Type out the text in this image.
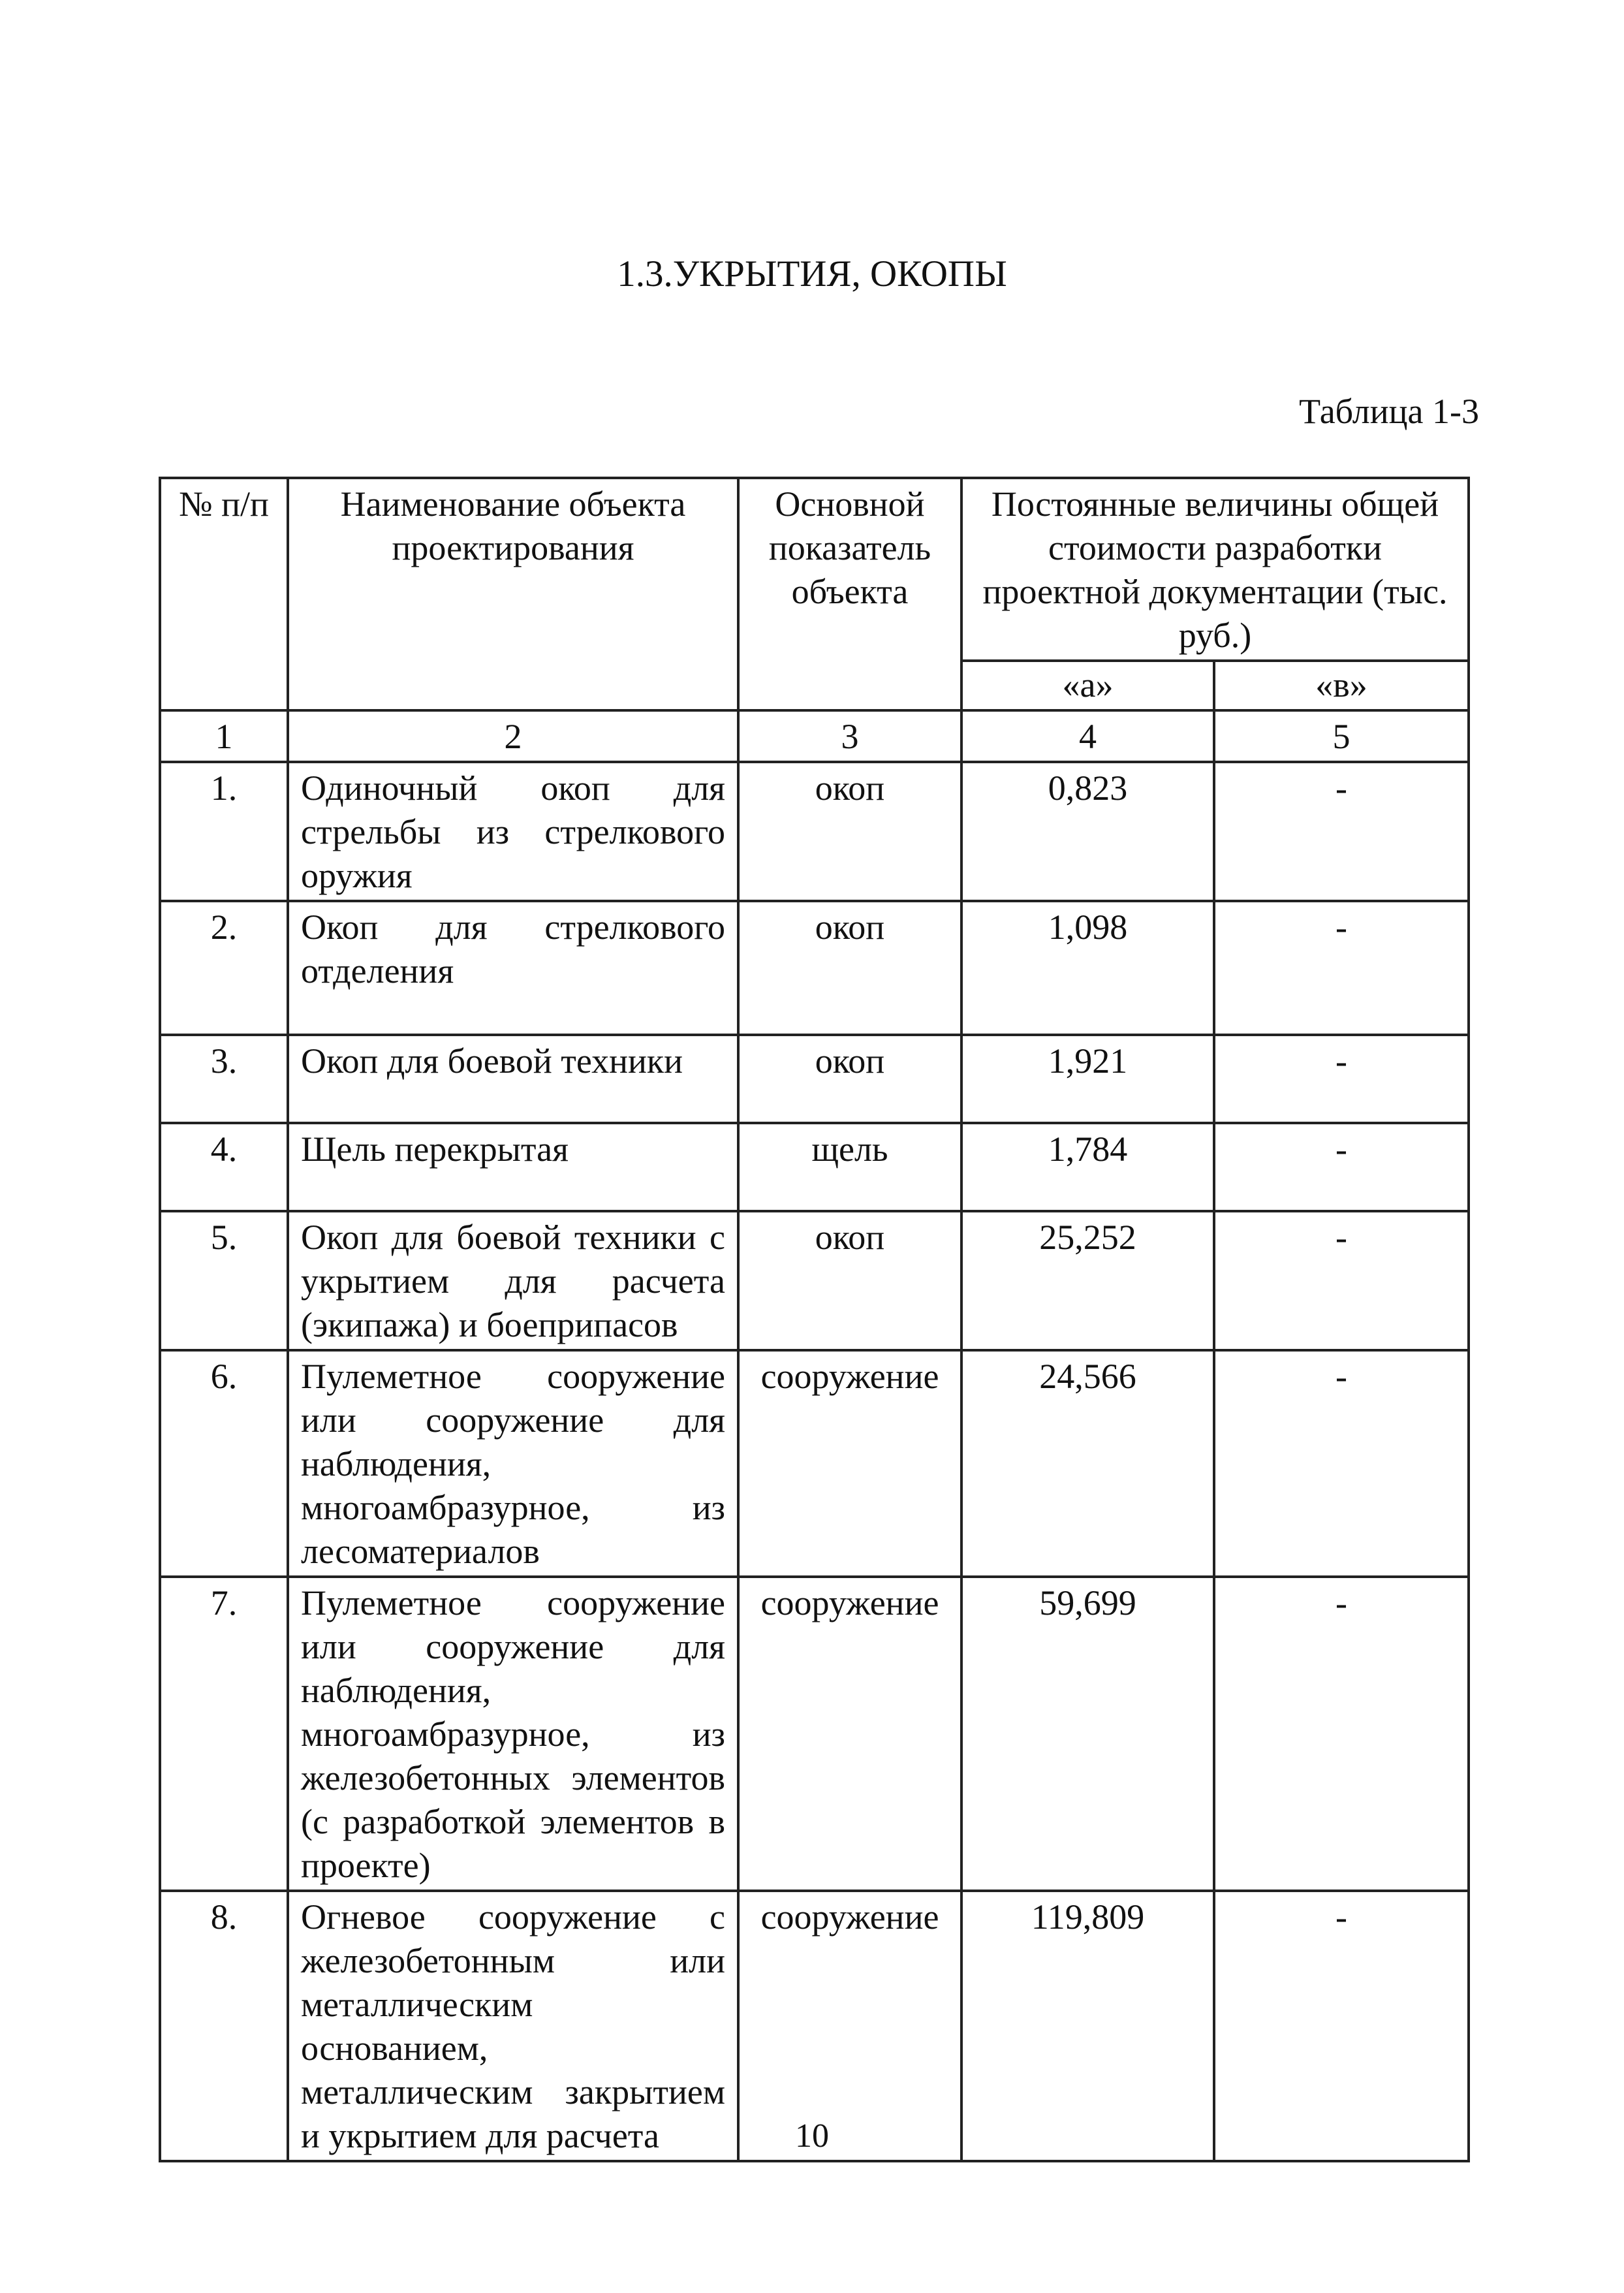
1.3.УКРЫТИЯ, ОКОПЫ
Таблица 1-3
№ п/п	Наименование объекта проектирования	Основной показатель объекта	Постоянные величины общей стоимости разработки проектной документации (тыс. руб.)	
			«а»	«в»
1	2	3	4	5
1.	Одиночный окоп для стрельбы из стрелкового оружия	окоп	0,823	-
2.	Окоп для стрелкового отделения	окоп	1,098	-
3.	Окоп для боевой техники	окоп	1,921	-
4.	Щель перекрытая	щель	1,784	-
5.	Окоп для боевой техники с укрытием для расчета (экипажа) и боеприпасов	окоп	25,252	-
6.	Пулеметное сооружение или сооружение для наблюдения, многоамбразурное, из лесоматериалов	сооружение	24,566	-
7.	Пулеметное сооружение или сооружение для наблюдения, многоамбразурное, из железобетонных элементов (с разработкой элементов в проекте)	сооружение	59,699	-
8.	Огневое сооружение с железобетонным или металлическим основанием, металлическим закрытием и укрытием для расчета	сооружение	119,809	-
10
